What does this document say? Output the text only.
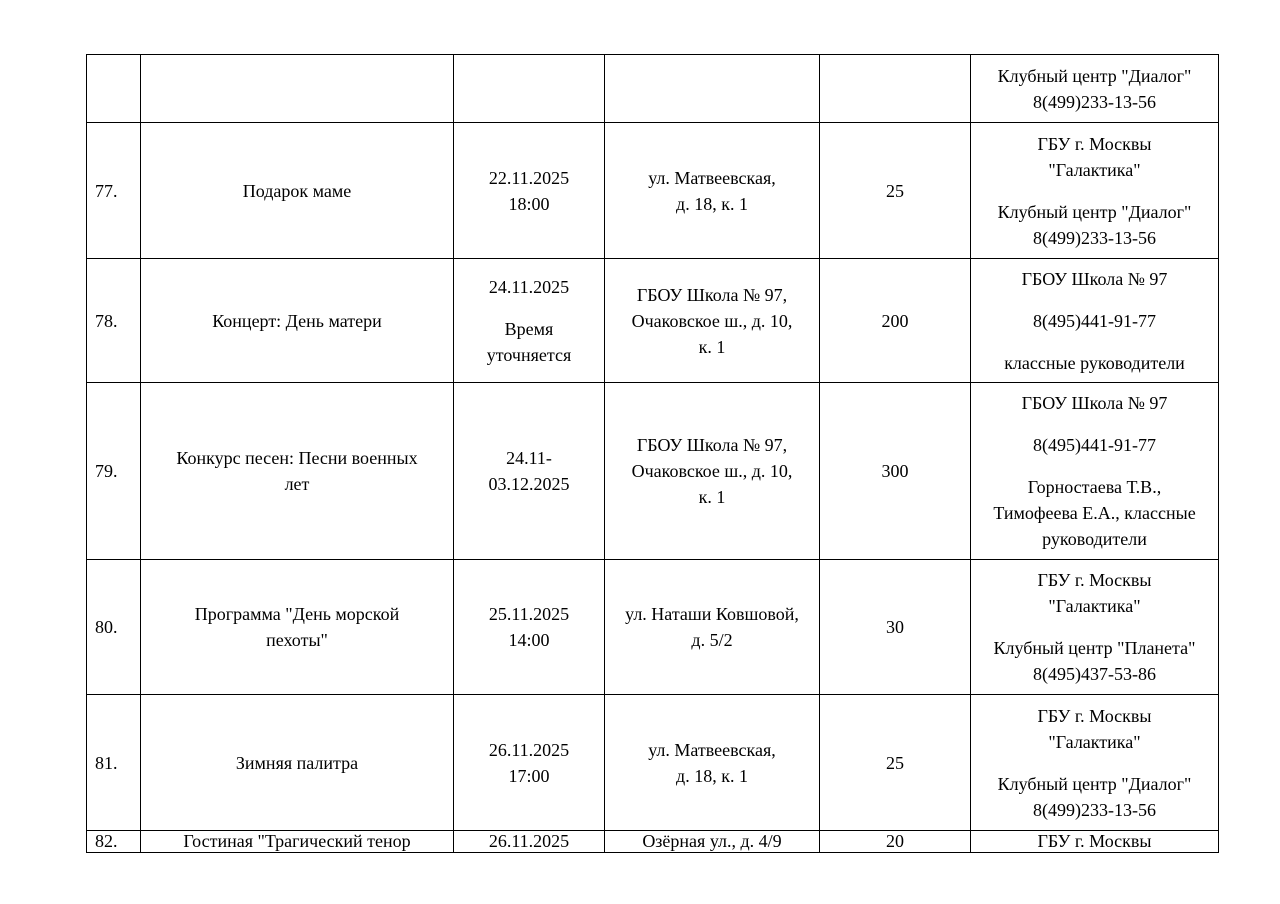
					Клубный центр "Диалог"
8(499)233-13-56

77.	Подарок маме	22.11.2025
18:00	ул. Матвеевская,
д. 18, к. 1	25	ГБУ г. Москвы
"Галактика"
Клубный центр "Диалог"
8(499)233-13-56

78.	Концерт: День матери	24.11.2025
Время
уточняется	ГБОУ Школа № 97,
Очаковское ш., д. 10,
к. 1	200	ГБОУ Школа № 97
8(495)441-91-77
классные руководители

79.	Конкурс песен: Песни военных
лет	24.11-
03.12.2025	ГБОУ Школа № 97,
Очаковское ш., д. 10,
к. 1	300	ГБОУ Школа № 97
8(495)441-91-77
Горностаева Т.В.,
Тимофеева Е.А., классные
руководители

80.	Программа "День морской
пехоты"	25.11.2025
14:00	ул. Наташи Ковшовой,
д. 5/2	30	ГБУ г. Москвы
"Галактика"
Клубный центр "Планета"
8(495)437-53-86

81.	Зимняя палитра	26.11.2025
17:00	ул. Матвеевская,
д. 18, к. 1	25	ГБУ г. Москвы
"Галактика"
Клубный центр "Диалог"
8(499)233-13-56

82.	Гостиная "Трагический тенор	26.11.2025	Озёрная ул., д. 4/9	20	ГБУ г. Москвы
